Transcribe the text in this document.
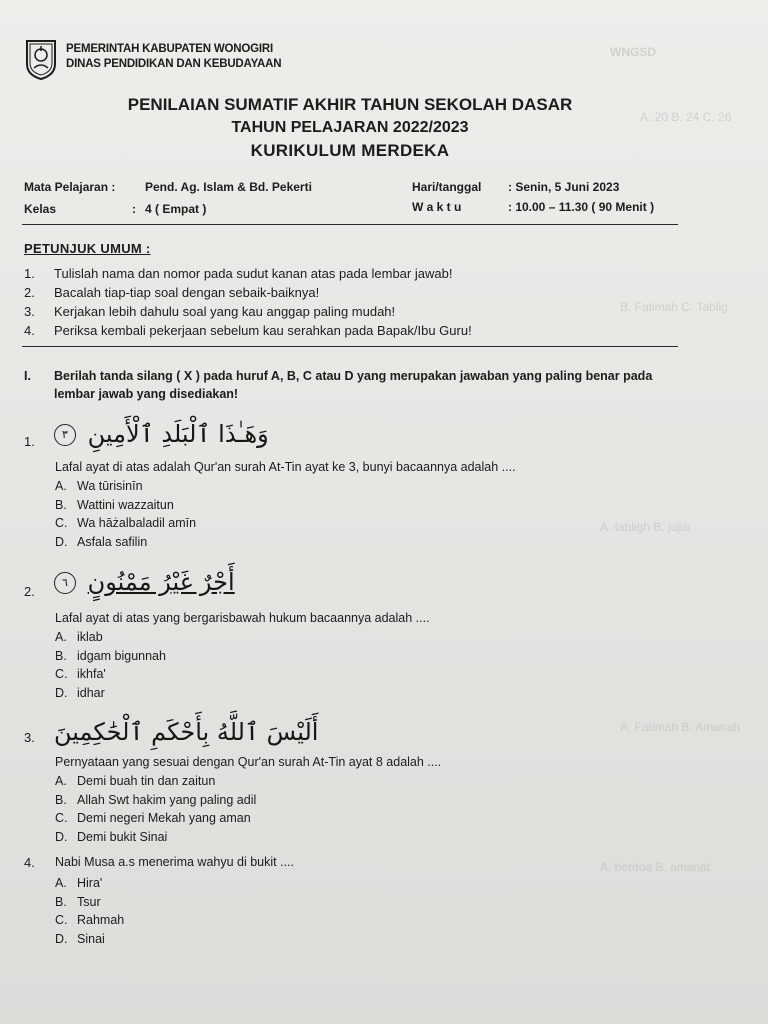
WNGSD
A. 20 B. 24 C. 26
B. Fatimah C. Tablig
A. tabligh B. jujur
A. Fatimah B. Amanah
A. berdoa B. amanat
PEMERINTAH KABUPATEN WONOGIRI
DINAS PENDIDIKAN DAN KEBUDAYAAN
PENILAIAN SUMATIF AKHIR TAHUN SEKOLAH DASAR
TAHUN PELAJARAN 2022/2023
KURIKULUM MERDEKA
Mata Pelajaran : Pend. Ag. Islam & Bd. Pekerti
Kelas	: 4 ( Empat )
Hari/tanggal : Senin, 5 Juni 2023
W a k t u	: 10.00 – 11.30 ( 90 Menit )
PETUNJUK UMUM :
1.	Tulislah nama dan nomor pada sudut kanan atas pada lembar jawab!
2.	Bacalah tiap-tiap soal dengan sebaik-baiknya!
3.	Kerjakan lebih dahulu soal yang kau anggap paling mudah!
4.	Periksa kembali pekerjaan sebelum kau serahkan pada Bapak/Ibu Guru!
I.	Berilah tanda silang ( X ) pada huruf A, B, C atau D yang merupakan jawaban yang paling benar pada lembar jawab yang disediakan!
1.	وَهَـٰذَا ٱلْبَلَدِ ٱلْأَمِينِ ٣
Lafal ayat di atas adalah Qur'an surah At-Tin ayat ke 3, bunyi bacaannya adalah ....
A. Wa tūrisinīn
B. Wattini wazzaitun
C. Wa hāżalbaladil amīn
D. Asfala safilin
2.	أَجْرٌ غَيْرُ مَمْنُونٍ ٦
Lafal ayat di atas yang bergarisbawah hukum bacaannya adalah ....
A. iklab
B. idgam bigunnah
C. ikhfa'
D. idhar
3. أَلَيْسَ ٱللَّهُ بِأَحْكَمِ ٱلْحَٰكِمِينَ
Pernyataan yang sesuai dengan Qur'an surah At-Tin ayat 8 adalah ....
A. Demi buah tin dan zaitun
B. Allah Swt hakim yang paling adil
C. Demi negeri Mekah yang aman
D. Demi bukit Sinai
4. Nabi Musa a.s menerima wahyu di bukit ....
A. Hira'
B. Tsur
C. Rahmah
D. Sinai
